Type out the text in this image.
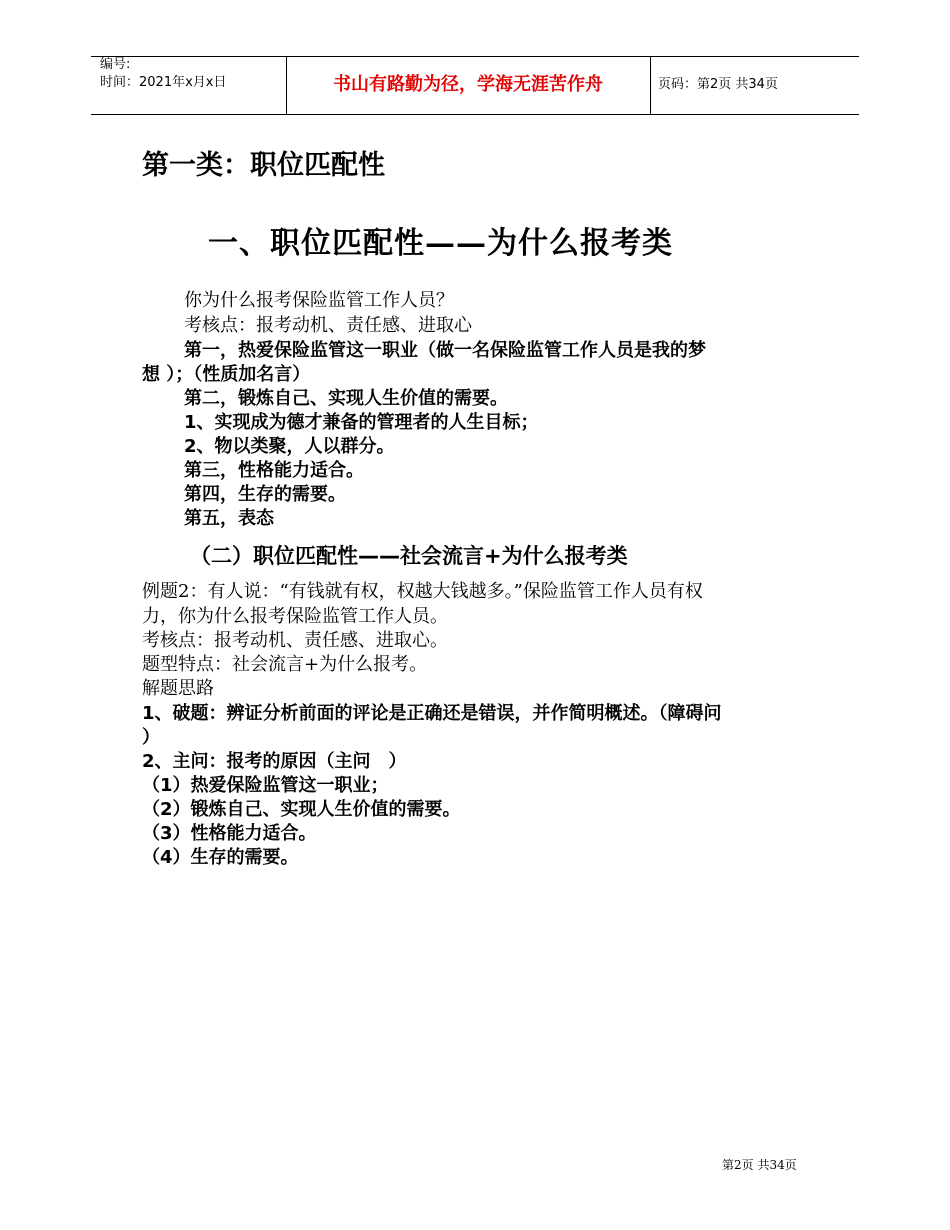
编号:
时间：2021年x月x日	书山有路勤为径，学海无涯苦作舟	页码：第2页 共34页
第一类：职位匹配性
一、职位匹配性——为什么报考类
你为什么报考保险监管工作人员？
考核点：报考动机、责任感、进取心
第一，热爱保险监管这一职业（做一名保险监管工作人员是我的梦
想 ）；（性质加名言）
第二，锻炼自己、实现人生价值的需要。
1、实现成为德才兼备的管理者的人生目标；
2、物以类聚，人以群分。
第三，性格能力适合。
第四，生存的需要。
第五，表态
（二）职位匹配性——社会流言+为什么报考类
例题2：有人说：“有钱就有权，权越大钱越多。”保险监管工作人员有权
力，你为什么报考保险监管工作人员。
考核点：报考动机、责任感、进取心。
题型特点：社会流言+为什么报考。
解题思路
1、破题：辨证分析前面的评论是正确还是错误，并作简明概述。（障碍问
）
2、主问：报考的原因（主问　）
（1）热爱保险监管这一职业；
（2）锻炼自己、实现人生价值的需要。
（3）性格能力适合。
（4）生存的需要。
第2页 共34页
